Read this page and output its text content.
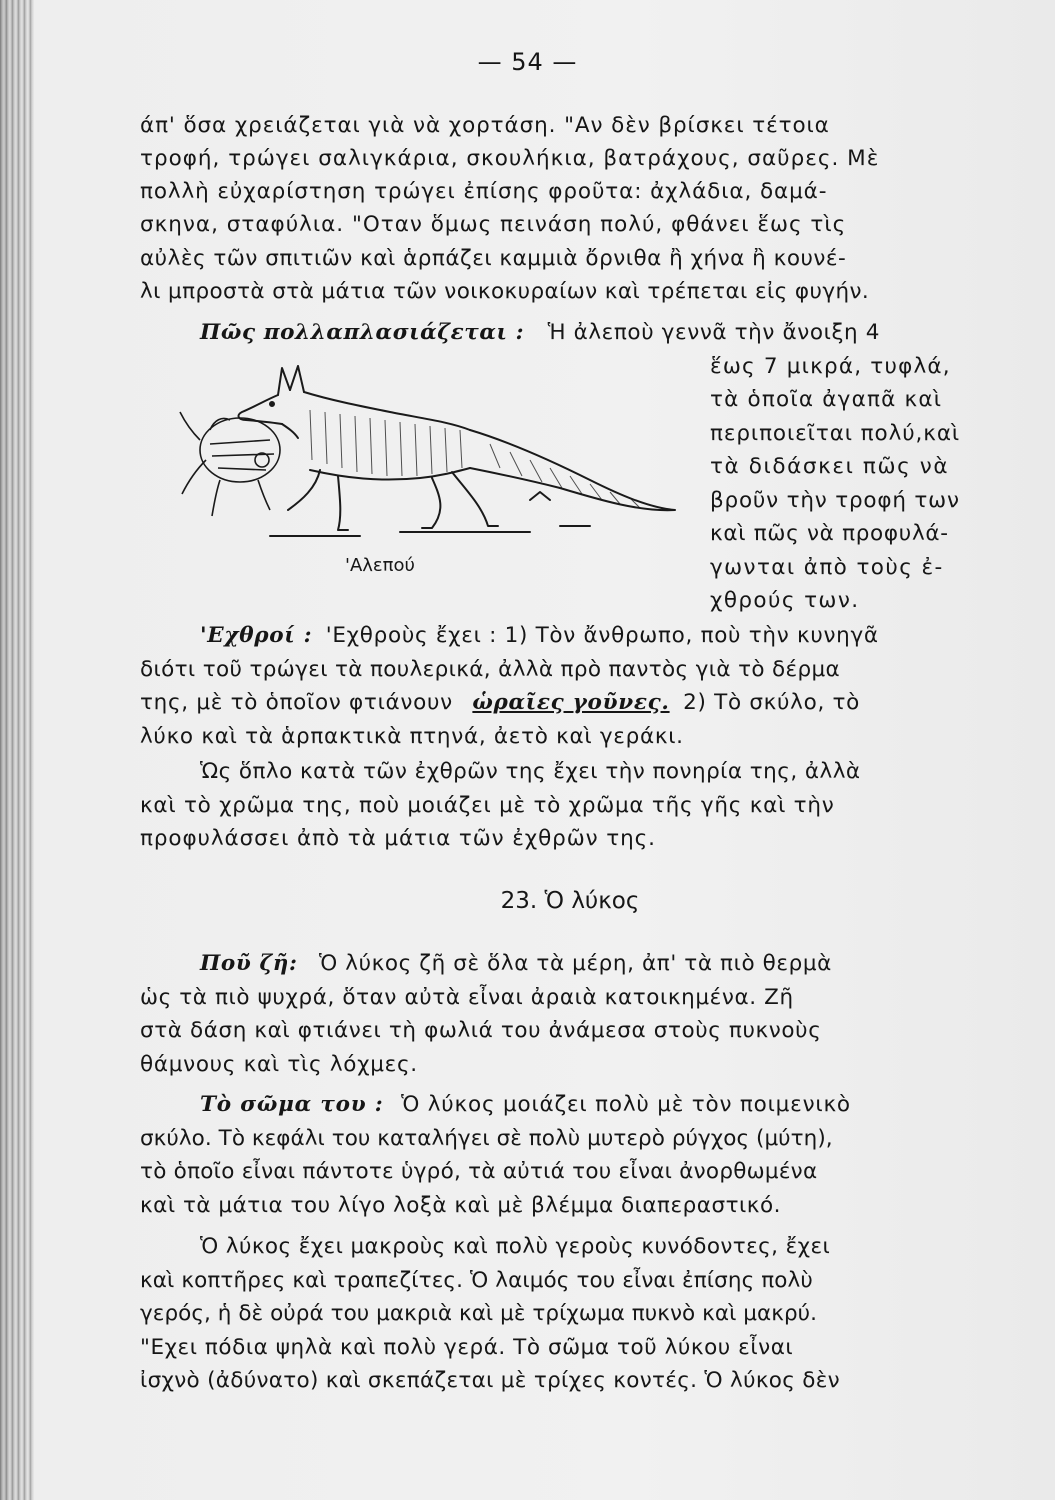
— 54 —
άπ' ὅσα χρειάζεται γιὰ νὰ χορτάση. "Αν δὲν βρίσκει τέτοια
τροφή, τρώγει σαλιγκάρια, σκουλήκια, βατράχους, σαῦρες. Μὲ
πολλὴ εὐχαρίστηση τρώγει ἐπίσης φροῦτα: ἀχλάδια, δαμά-
σκηνα, σταφύλια. "Οταν ὅμως πεινάση πολύ, φθάνει ἕως τὶς
αὐλὲς τῶν σπιτιῶν καὶ ἁρπάζει καμμιὰ ὄρνιθα ἢ χήνα ἢ κουνέ-
λι μπροστὰ στὰ μάτια τῶν νοικοκυραίων καὶ τρέπεται εἰς φυγήν.
Πῶς πολλαπλασιάζεται : Ἡ ἀλεποὺ γεννᾶ τὴν ἄνοιξη 4
ἕως 7 μικρά, τυφλά,
τὰ ὁποῖα ἀγαπᾶ καὶ
περιποιεῖται πολύ,καὶ
τὰ διδάσκει πῶς νὰ
βροῦν τὴν τροφή των
καὶ πῶς νὰ προφυλά-
γωνται ἀπὸ τοὺς ἐ-
χθρούς των.
'Αλεπού
'Εχθροί : 'Εχθροὺς ἔχει : 1) Τὸν ἄνθρωπο, ποὺ τὴν κυνηγᾶ
διότι τοῦ τρώγει τὰ πουλερικά, ἀλλὰ πρὸ παντὸς γιὰ τὸ δέρμα
της, μὲ τὸ ὁποῖον φτιάνουν ὡραῖες γοῦνες. 2) Τὸ σκύλο, τὸ
λύκο καὶ τὰ ἁρπακτικὰ πτηνά, ἀετὸ καὶ γεράκι.
Ὡς ὅπλο κατὰ τῶν ἐχθρῶν της ἔχει τὴν πονηρία της, ἀλλὰ
καὶ τὸ χρῶμα της, ποὺ μοιάζει μὲ τὸ χρῶμα τῆς γῆς καὶ τὴν
προφυλάσσει ἀπὸ τὰ μάτια τῶν ἐχθρῶν της.
23. Ὁ λύκος
Ποῦ ζῆ: Ὁ λύκος ζῆ σὲ ὅλα τὰ μέρη, ἀπ' τὰ πιὸ θερμὰ
ὡς τὰ πιὸ ψυχρά, ὅταν αὐτὰ εἶναι ἀραιὰ κατοικημένα. Ζῆ
στὰ δάση καὶ φτιάνει τὴ φωλιά του ἀνάμεσα στοὺς πυκνοὺς
θάμνους καὶ τὶς λόχμες.
Τὸ σῶμα του : Ὁ λύκος μοιάζει πολὺ μὲ τὸν ποιμενικὸ
σκύλο. Τὸ κεφάλι του καταλήγει σὲ πολὺ μυτερὸ ρύγχος (μύτη),
τὸ ὁποῖο εἶναι πάντοτε ὑγρό, τὰ αὐτιά του εἶναι ἀνορθωμένα
καὶ τὰ μάτια του λίγο λοξὰ καὶ μὲ βλέμμα διαπεραστικό.
Ὁ λύκος ἔχει μακροὺς καὶ πολὺ γεροὺς κυνόδοντες, ἔχει
καὶ κοπτῆρες καὶ τραπεζίτες. Ὁ λαιμός του εἶναι ἐπίσης πολὺ
γερός, ἡ δὲ οὐρά του μακριὰ καὶ μὲ τρίχωμα πυκνὸ καὶ μακρύ.
"Εχει πόδια ψηλὰ καὶ πολὺ γερά. Τὸ σῶμα τοῦ λύκου εἶναι
ἰσχνὸ (ἀδύνατο) καὶ σκεπάζεται μὲ τρίχες κοντές. Ὁ λύκος δὲν
